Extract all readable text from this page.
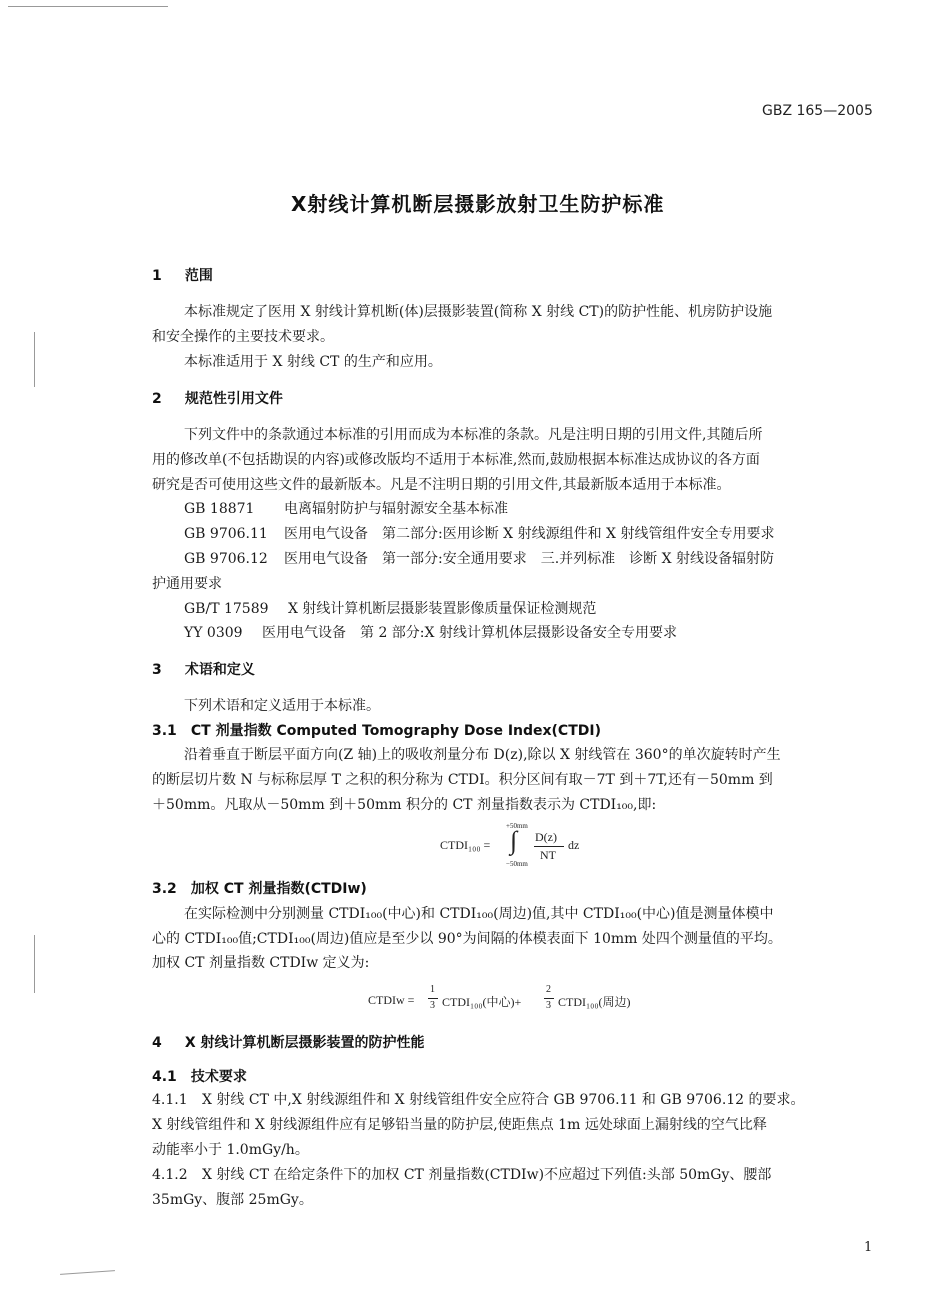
GBZ 165—2005
X射线计算机断层摄影放射卫生防护标准
1 范围
本标准规定了医用 X 射线计算机断(体)层摄影装置(简称 X 射线 CT)的防护性能、机房防护设施
和安全操作的主要技术要求。
本标准适用于 X 射线 CT 的生产和应用。
2 规范性引用文件
下列文件中的条款通过本标准的引用而成为本标准的条款。凡是注明日期的引用文件,其随后所
用的修改单(不包括勘误的内容)或修改版均不适用于本标准,然而,鼓励根据本标准达成协议的各方面
研究是否可使用这些文件的最新版本。凡是不注明日期的引用文件,其最新版本适用于本标准。
GB 18871 电离辐射防护与辐射源安全基本标准
GB 9706.11 医用电气设备　第二部分:医用诊断 X 射线源组件和 X 射线管组件安全专用要求
GB 9706.12 医用电气设备　第一部分:安全通用要求　三.并列标准　诊断 X 射线设备辐射防
护通用要求
GB/T 17589 X 射线计算机断层摄影装置影像质量保证检测规范
YY 0309 医用电气设备　第 2 部分:X 射线计算机体层摄影设备安全专用要求
3 术语和定义
下列术语和定义适用于本标准。
3.1 CT 剂量指数 Computed Tomography Dose Index(CTDI)
沿着垂直于断层平面方向(Z 轴)上的吸收剂量分布 D(z),除以 X 射线管在 360°的单次旋转时产生
的断层切片数 N 与标称层厚 T 之积的积分称为 CTDI。积分区间有取－7T 到＋7T,还有－50mm 到
＋50mm。凡取从－50mm 到＋50mm 积分的 CT 剂量指数表示为 CTDI₁₀₀,即:
CTDI₁₀₀ =
+50mm
∫
−50mm
D(z)
NT
dz
3.2 加权 CT 剂量指数(CTDIw)
在实际检测中分别测量 CTDI₁₀₀(中心)和 CTDI₁₀₀(周边)值,其中 CTDI₁₀₀(中心)值是测量体模中
心的 CTDI₁₀₀值;CTDI₁₀₀(周边)值应是至少以 90°为间隔的体模表面下 10mm 处四个测量值的平均。
加权 CT 剂量指数 CTDIw 定义为:
CTDIw =
1
3 CTDI₁₀₀(中心)+
2
3 CTDI₁₀₀(周边)
4 X 射线计算机断层摄影装置的防护性能
4.1 技术要求
4.1.1 X 射线 CT 中,X 射线源组件和 X 射线管组件安全应符合 GB 9706.11 和 GB 9706.12 的要求。
X 射线管组件和 X 射线源组件应有足够铅当量的防护层,使距焦点 1m 远处球面上漏射线的空气比释
动能率小于 1.0mGy/h。
4.1.2 X 射线 CT 在给定条件下的加权 CT 剂量指数(CTDIw)不应超过下列值:头部 50mGy、腰部
35mGy、腹部 25mGy。
1
